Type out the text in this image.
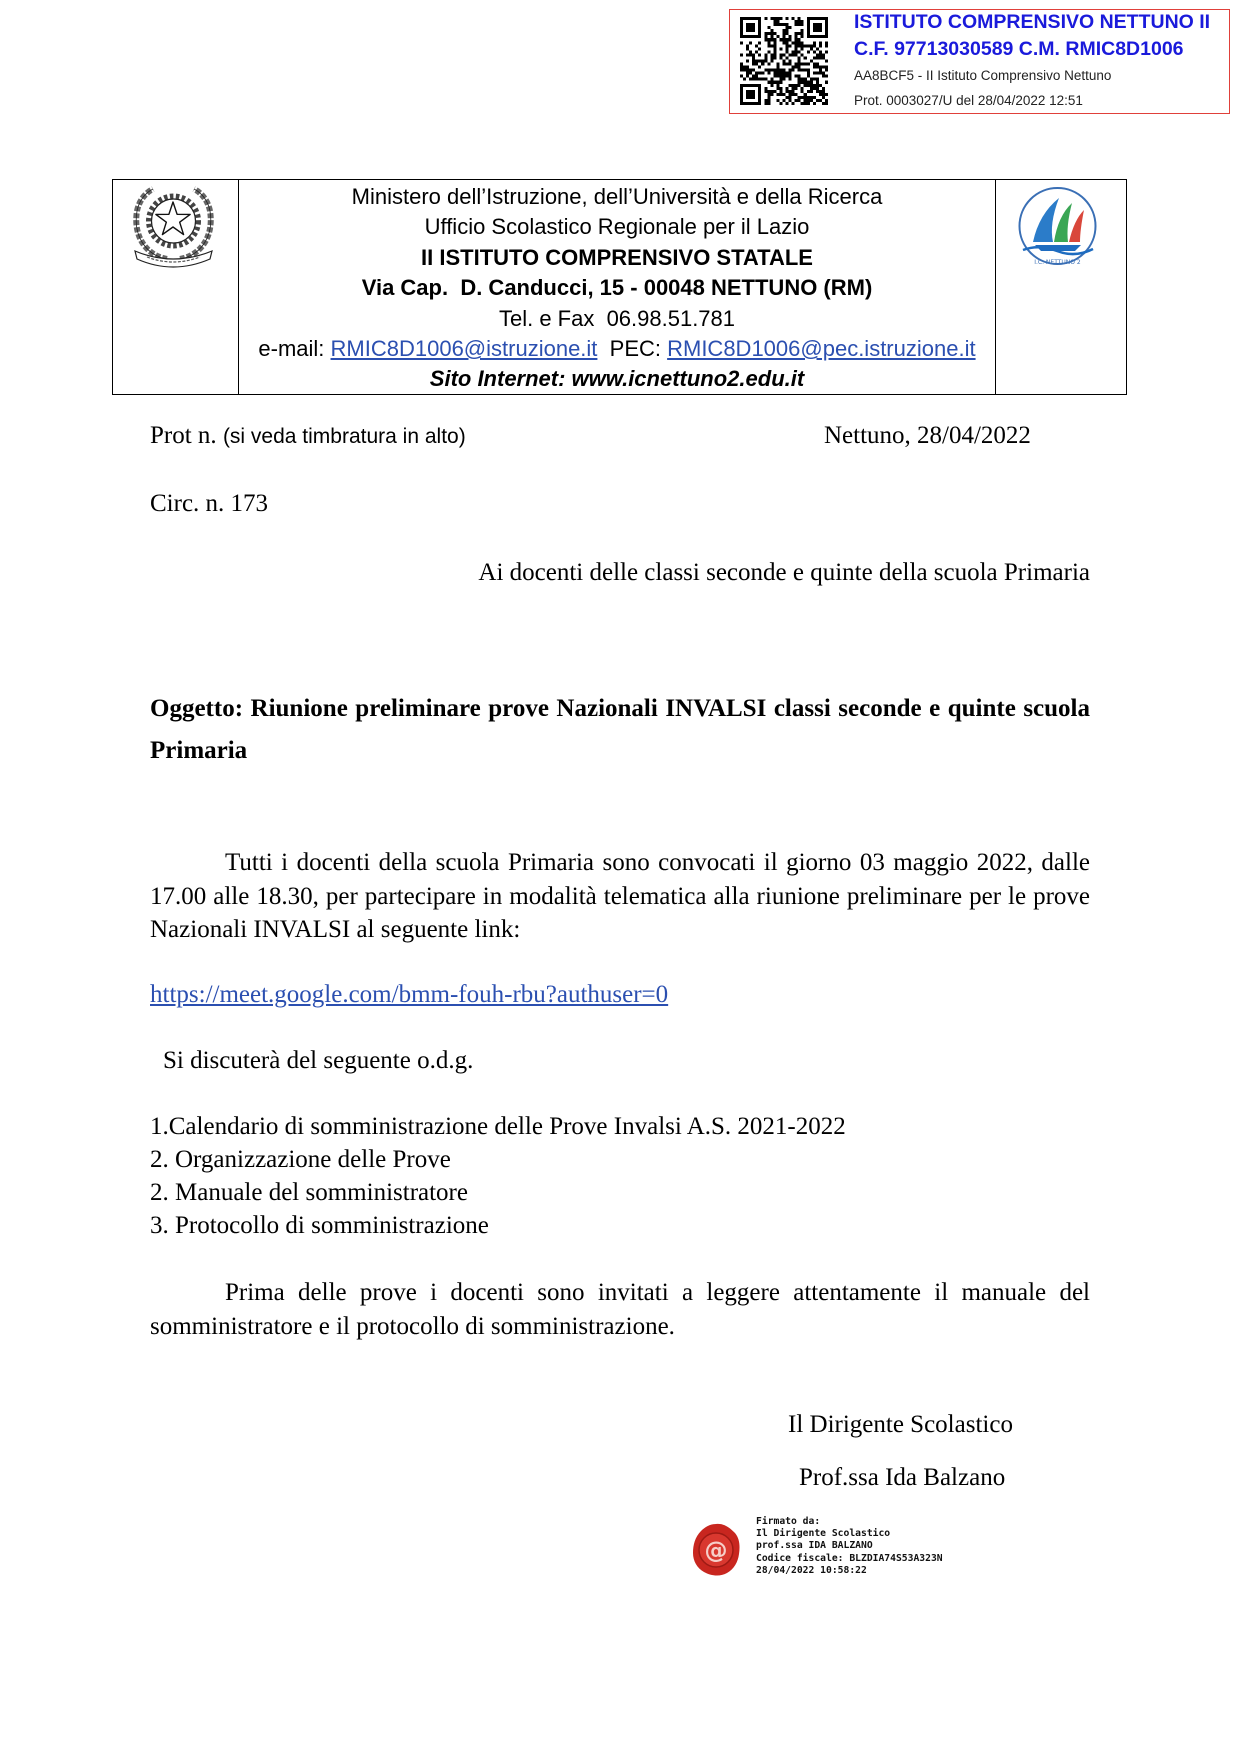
ISTITUTO COMPRENSIVO NETTUNO II
C.F. 97713030589 C.M. RMIC8D1006
AA8BCF5 - II Istituto Comprensivo Nettuno
Prot. 0003027/U del 28/04/2022 12:51
Ministero dell’Istruzione, dell’Università e della Ricerca
Ufficio Scolastico Regionale per il Lazio
II ISTITUTO COMPRENSIVO STATALE
Via Cap.  D. Canducci, 15 - 00048 NETTUNO (RM)
Tel. e Fax  06.98.51.781
e-mail: RMIC8D1006@istruzione.it  PEC: RMIC8D1006@pec.istruzione.it
Sito Internet: www.icnettuno2.edu.it
I.C. NETTUNO 2
Prot n. (si veda timbratura in alto)	Nettuno, 28/04/2022
Circ. n. 173
Ai docenti delle classi seconde e quinte della scuola Primaria
Oggetto: Riunione preliminare prove Nazionali INVALSI classi seconde e quinte scuola
Primaria
Tutti i docenti della scuola Primaria sono convocati il giorno 03 maggio 2022, dalle
17.00 alle 18.30, per partecipare in modalità telematica alla riunione preliminare per le prove
Nazionali INVALSI al seguente link:
https://meet.google.com/bmm-fouh-rbu?authuser=0
Si discuterà del seguente o.d.g.
1.Calendario di somministrazione delle Prove Invalsi A.S. 2021-2022
2. Organizzazione delle Prove
2. Manuale del somministratore
3. Protocollo di somministrazione
Prima delle prove i docenti sono invitati a leggere attentamente il manuale del
somministratore e il protocollo di somministrazione.
Il Dirigente Scolastico
Prof.ssa Ida Balzano
@
Firmato da:
Il Dirigente Scolastico
prof.ssa IDA BALZANO
Codice fiscale: BLZDIA74S53A323N
28/04/2022 10:58:22
